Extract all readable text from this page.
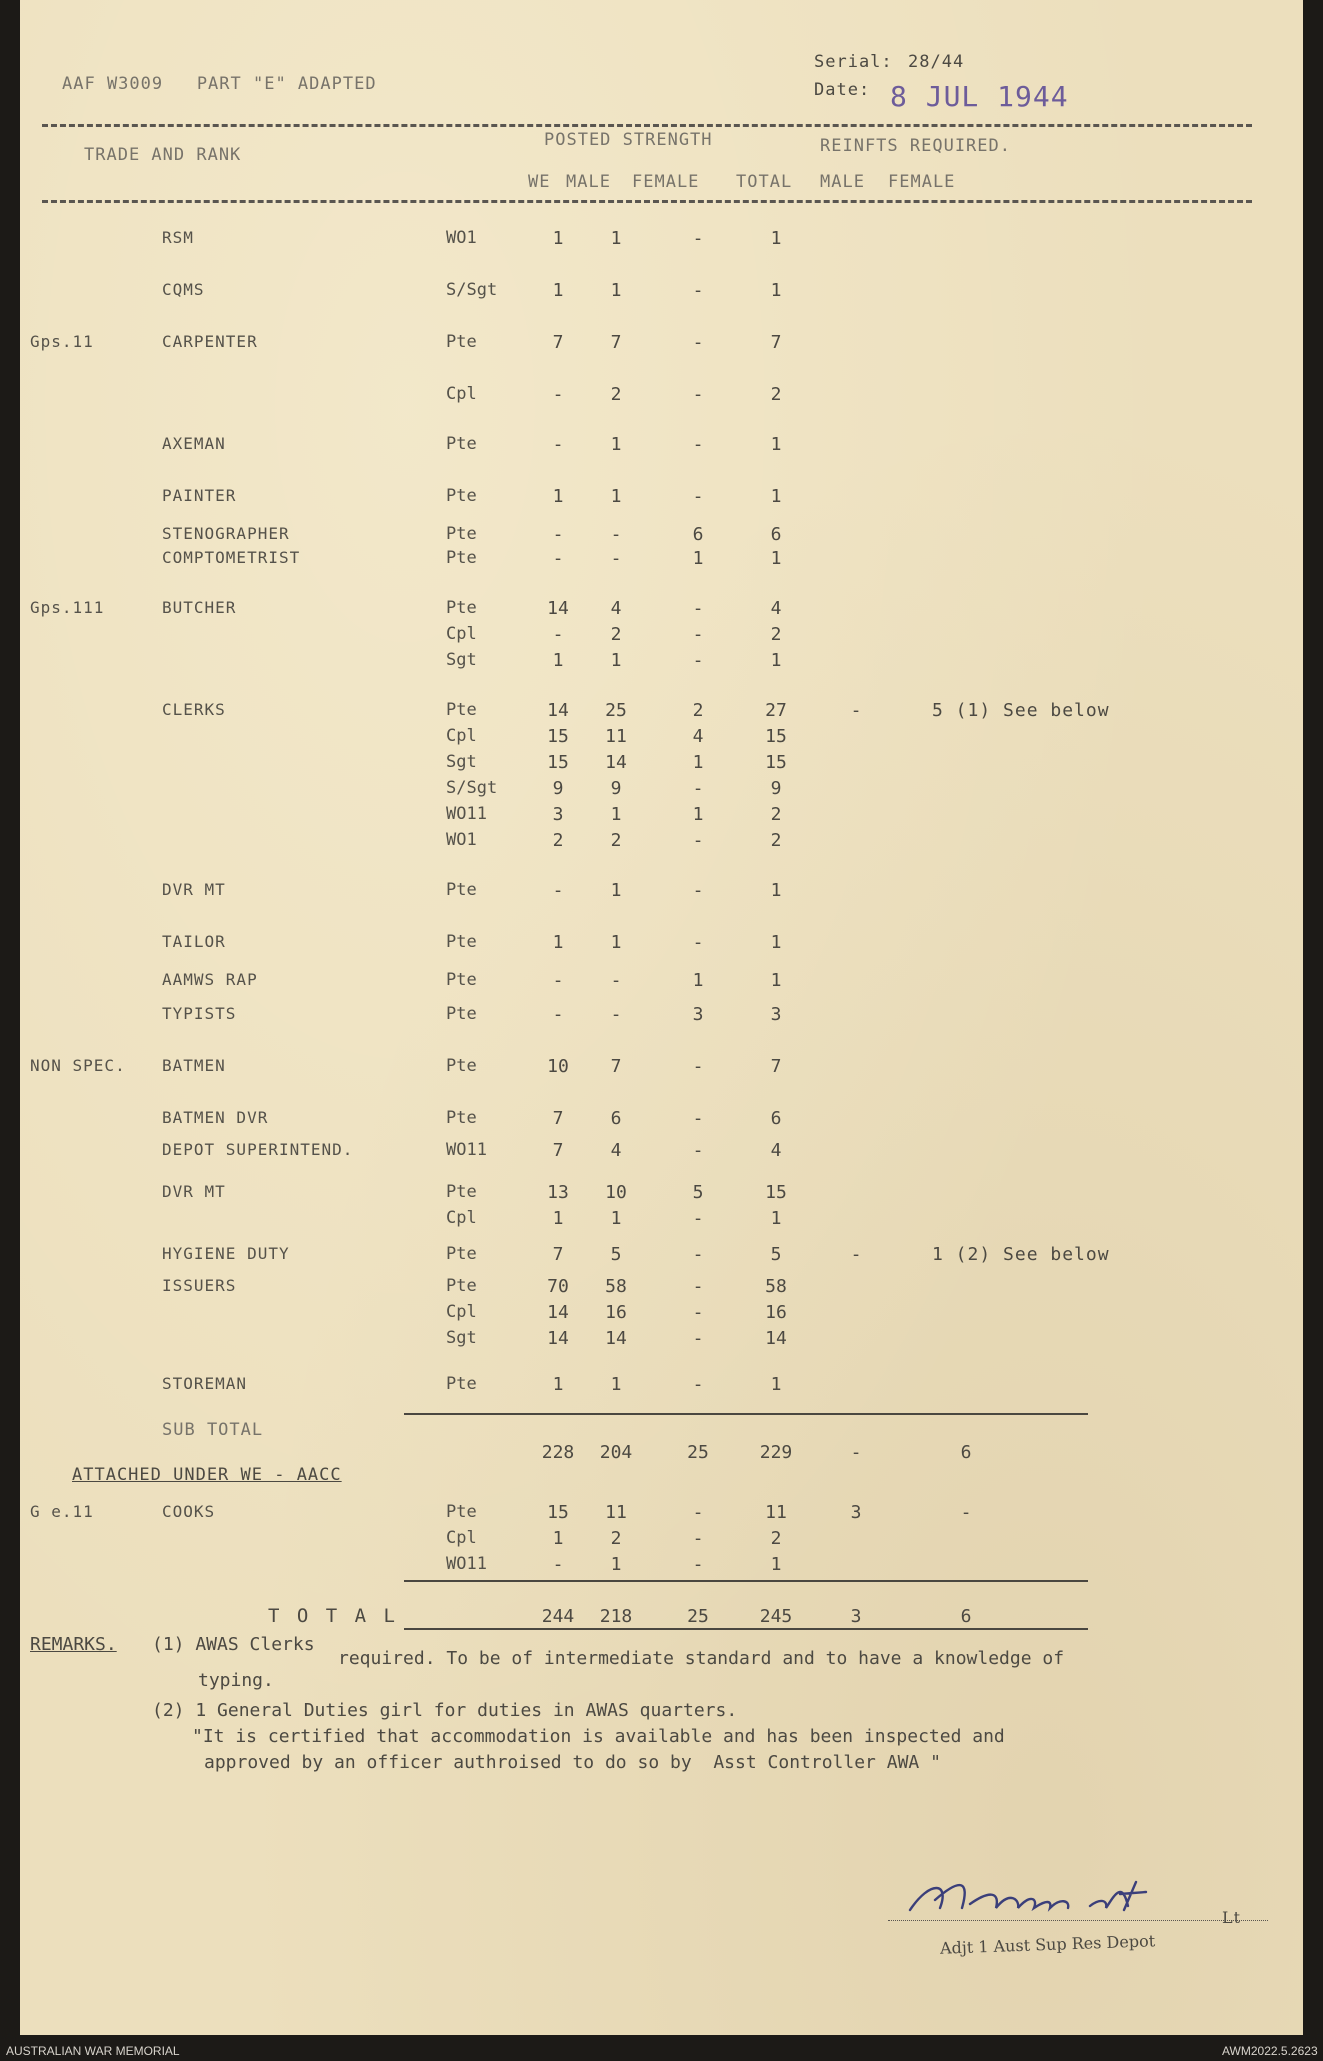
AAF W3009   PART "E" ADAPTED
Serial: 28/44
Date: 8 JUL 1944
TRADE AND RANK
POSTED STRENGTH	REINFTS REQUIRED.
WE MALE FEMALE TOTAL MALE FEMALE
RSM	WO1	1	1	-	1
CQMS	S/Sgt	1	1	-	1
Gps.11	CARPENTER	Pte	7	7	-	7
Cpl	-	2	-	2
AXEMAN	Pte	-	1	-	1
PAINTER	Pte	1	1	-	1
STENOGRAPHER	Pte	-	-	6	6
COMPTOMETRIST	Pte	-	-	1	1
Gps.111	BUTCHER	Pte	14	4	-	4
Cpl	-	2	-	2
Sgt	1	1	-	1
CLERKS	Pte	14	25	2	27	-	5 (1) See below
Cpl	15	11	4	15
Sgt	15	14	1	15
S/Sgt	9	9	-	9
WO11	3	1	1	2
WO1	2	2	-	2
DVR MT	Pte	-	1	-	1
TAILOR	Pte	1	1	-	1
AAMWS RAP	Pte	-	-	1	1
TYPISTS	Pte	-	-	3	3
NON SPEC. BATMEN	Pte	10	7	-	7
BATMEN DVR	Pte	7	6	-	6
DEPOT SUPERINTEND.	WO11	7	4	-	4
DVR MT	Pte	13	10	5	15
Cpl	1	1	-	1
HYGIENE DUTY	Pte	7	5	-	5	-	1 (2) See below
ISSUERS	Pte	70	58	-	58
Cpl	14	16	-	16
Sgt	14	14	-	14
STOREMAN	Pte	1	1	-	1
SUB TOTAL
228	204	25	229	-	6
ATTACHED UNDER WE - AACC
G e.11	COOKS	Pte	15	11	-	11	3	-
Cpl	1	2	-	2
WO11	-	1	-	1
T O T A L	244	218	25	245	3	6
REMARKS. (1) AWAS Clerks
required. To be of intermediate standard and to have a knowledge of
typing.
(2) 1 General Duties girl for duties in AWAS quarters.
"It is certified that accommodation is available and has been inspected and
approved by an officer authroised to do so by  Asst Controller AWA "
Adjt 1 Aust Sup Res Depot
Lt
AUSTRALIAN WAR MEMORIAL	AWM2022.5.2623
